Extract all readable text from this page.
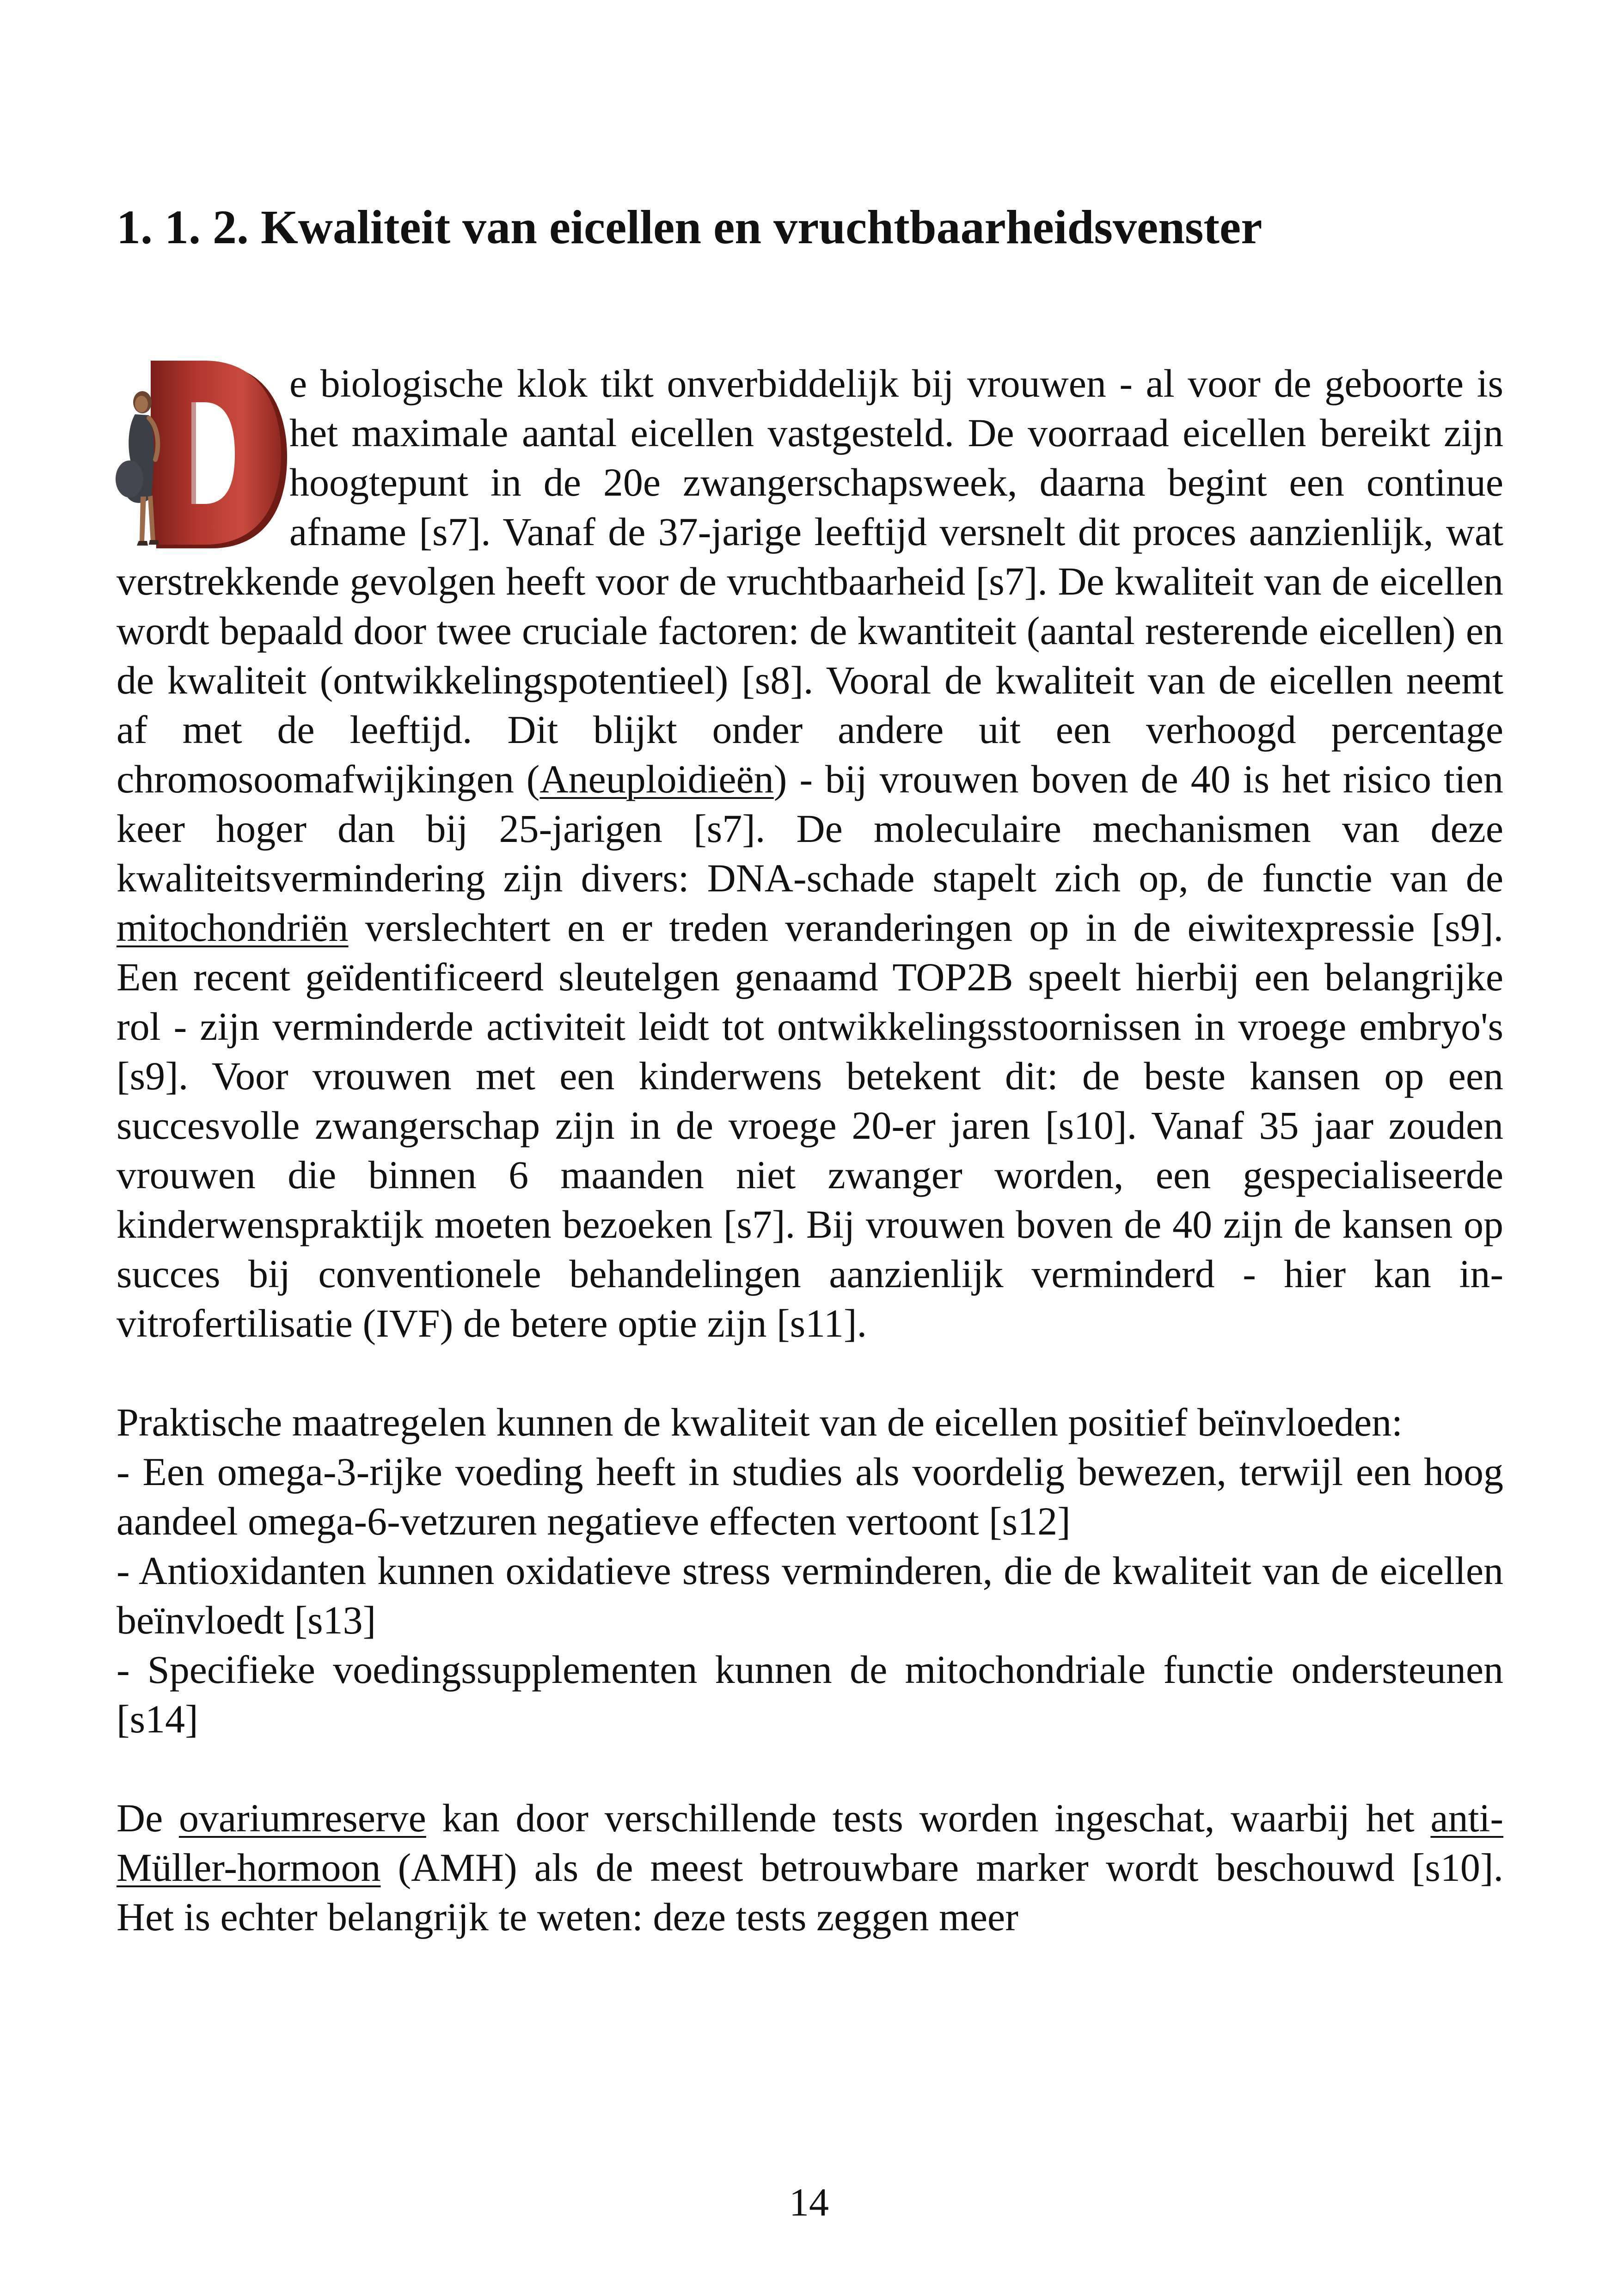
1. 1. 2. Kwaliteit van eicellen en vruchtbaarheidsvenster

e biologische klok tikt onverbiddelijk bij vrouwen - al voor de geboorte is het maximale aantal eicellen vastgesteld. De voorraad eicellen bereikt zijn hoogtepunt in de 20e zwangerschapsweek, daarna begint een continue afname [s7]. Vanaf de 37-jarige leeftijd versnelt dit proces aanzienlijk, wat verstrekkende gevolgen heeft voor de vruchtbaarheid [s7]. De kwaliteit van de eicellen wordt bepaald door twee cruciale factoren: de kwantiteit (aantal resterende eicellen) en de kwaliteit (ontwikkelingspotentieel) [s8]. Vooral de kwaliteit van de eicellen neemt af met de leeftijd. Dit blijkt onder andere uit een verhoogd percentage chromosoomafwijkingen (Aneuploidieën) - bij vrouwen boven de 40 is het risico tien keer hoger dan bij 25-jarigen [s7]. De moleculaire mechanismen van deze kwaliteitsvermindering zijn divers: DNA-schade stapelt zich op, de functie van de mitochondriën verslechtert en er treden veranderingen op in de eiwitexpressie [s9]. Een recent geïdentificeerd sleutelgen genaamd TOP2B speelt hierbij een belangrijke rol - zijn verminderde activiteit leidt tot ontwikkelingsstoornissen in vroege embryo's [s9]. Voor vrouwen met een kinderwens betekent dit: de beste kansen op een succesvolle zwangerschap zijn in de vroege 20-er jaren [s10]. Vanaf 35 jaar zouden vrouwen die binnen 6 maanden niet zwanger worden, een gespecialiseerde kinderwenspraktijk moeten bezoeken [s7]. Bij vrouwen boven de 40 zijn de kansen op succes bij conventionele behandelingen aanzienlijk verminderd - hier kan in-vitrofertilisatie (IVF) de betere optie zijn [s11].

Praktische maatregelen kunnen de kwaliteit van de eicellen positief beïnvloeden:
- Een omega-3-rijke voeding heeft in studies als voordelig bewezen, terwijl een hoog aandeel omega-6-vetzuren negatieve effecten vertoont [s12]
- Antioxidanten kunnen oxidatieve stress verminderen, die de kwaliteit van de eicellen beïnvloedt [s13]
- Specifieke voedingssupplementen kunnen de mitochondriale functie ondersteunen [s14]

De ovariumreserve kan door verschillende tests worden ingeschat, waarbij het anti-Müller-hormoon (AMH) als de meest betrouwbare marker wordt beschouwd [s10]. Het is echter belangrijk te weten: deze tests zeggen meer

14
